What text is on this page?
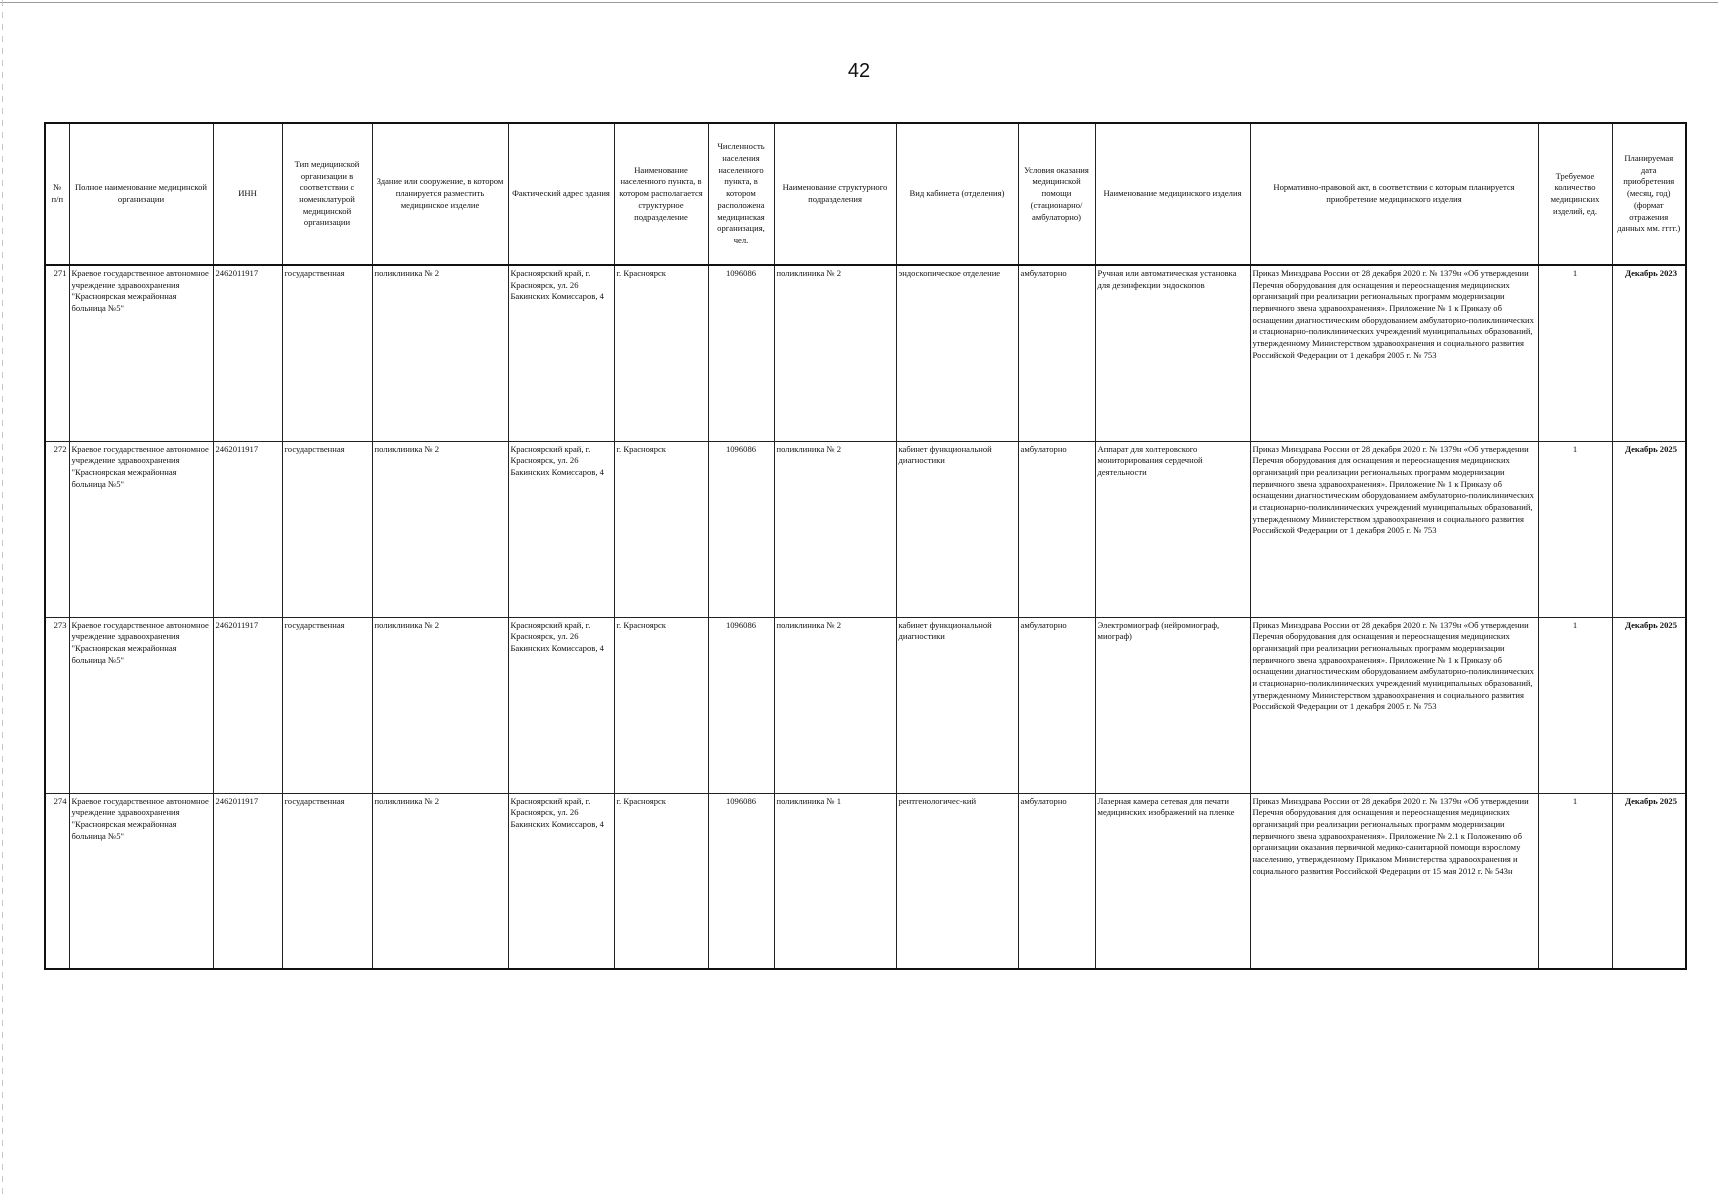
42
№ п/п	Полное наименование медицинской организации	ИНН	Тип медицинской организации в соответствии с номенклатурой медицинской организации	Здание или сооружение, в котором планируется разместить медицинское изделие	Фактический адрес здания	Наименование населенного пункта, в котором располагается структурное подразделение	Численность населения населенного пункта, в котором расположена медицинская организация, чел.	Наименование структурного подразделения	Вид кабинета (отделения)	Условия оказания медицинской помощи (стационарно/ амбулаторно)	Наименование медицинского изделия	Нормативно-правовой акт, в соответствии с которым планируется приобретение медицинского изделия	Требуемое количество медицинских изделий, ед.	Планируемая дата приобретения (месяц, год) (формат отражения данных мм. гггг.)
271	Краевое государственное автономное учреждение здравоохранения "Красноярская межрайонная больница №5"	2462011917	государственная	поликлиника № 2	Красноярский край, г. Красноярск, ул. 26 Бакинских Комиссаров, 4	г. Красноярск	1096086	поликлиника № 2	эндоскопическое отделение	амбулаторно	Ручная или автоматическая установка для дезинфекции эндоскопов	Приказ Минздрава России от 28 декабря 2020 г. № 1379н «Об утверждении Перечня оборудования для оснащения и переоснащения медицинских организаций при реализации региональных программ модернизации первичного звена здравоохранения». Приложение № 1 к Приказу об оснащении диагностическим оборудованием амбулаторно-поликлинических и стационарно-поликлинических учреждений муниципальных образований, утвержденному Министерством здравоохранения и социального развития Российской Федерации от 1 декабря 2005 г. № 753	1	Декабрь 2023
272	Краевое государственное автономное учреждение здравоохранения "Красноярская межрайонная больница №5"	2462011917	государственная	поликлиника № 2	Красноярский край, г. Красноярск, ул. 26 Бакинских Комиссаров, 4	г. Красноярск	1096086	поликлиника № 2	кабинет функциональной диагностики	амбулаторно	Аппарат для холтеровского мониторирования сердечной деятельности	Приказ Минздрава России от 28 декабря 2020 г. № 1379н «Об утверждении Перечня оборудования для оснащения и переоснащения медицинских организаций при реализации региональных программ модернизации первичного звена здравоохранения». Приложение № 1 к Приказу об оснащении диагностическим оборудованием амбулаторно-поликлинических и стационарно-поликлинических учреждений муниципальных образований, утвержденному Министерством здравоохранения и социального развития Российской Федерации от 1 декабря 2005 г. № 753	1	Декабрь 2025
273	Краевое государственное автономное учреждение здравоохранения "Красноярская межрайонная больница №5"	2462011917	государственная	поликлиника № 2	Красноярский край, г. Красноярск, ул. 26 Бакинских Комиссаров, 4	г. Красноярск	1096086	поликлиника № 2	кабинет функциональной диагностики	амбулаторно	Электромиограф (нейромиограф, миограф)	Приказ Минздрава России от 28 декабря 2020 г. № 1379н «Об утверждении Перечня оборудования для оснащения и переоснащения медицинских организаций при реализации региональных программ модернизации первичного звена здравоохранения». Приложение № 1 к Приказу об оснащении диагностическим оборудованием амбулаторно-поликлинических и стационарно-поликлинических учреждений муниципальных образований, утвержденному Министерством здравоохранения и социального развития Российской Федерации от 1 декабря 2005 г. № 753	1	Декабрь 2025
274	Краевое государственное автономное учреждение здравоохранения "Красноярская межрайонная больница №5"	2462011917	государственная	поликлиника № 2	Красноярский край, г. Красноярск, ул. 26 Бакинских Комиссаров, 4	г. Красноярск	1096086	поликлиника № 1	рентгенологичес-кий	амбулаторно	Лазерная камера сетевая для печати медицинских изображений на пленке	Приказ Минздрава России от 28 декабря 2020 г. № 1379н «Об утверждении Перечня оборудования для оснащения и переоснащения медицинских организаций при реализации региональных программ модернизации первичного звена здравоохранения». Приложение № 2.1 к Положению об организации оказания первичной медико-санитарной помощи взрослому населению, утвержденному Приказом Министерства здравоохранения и социального развития Российской Федерации от 15 мая 2012 г. № 543н	1	Декабрь 2025
